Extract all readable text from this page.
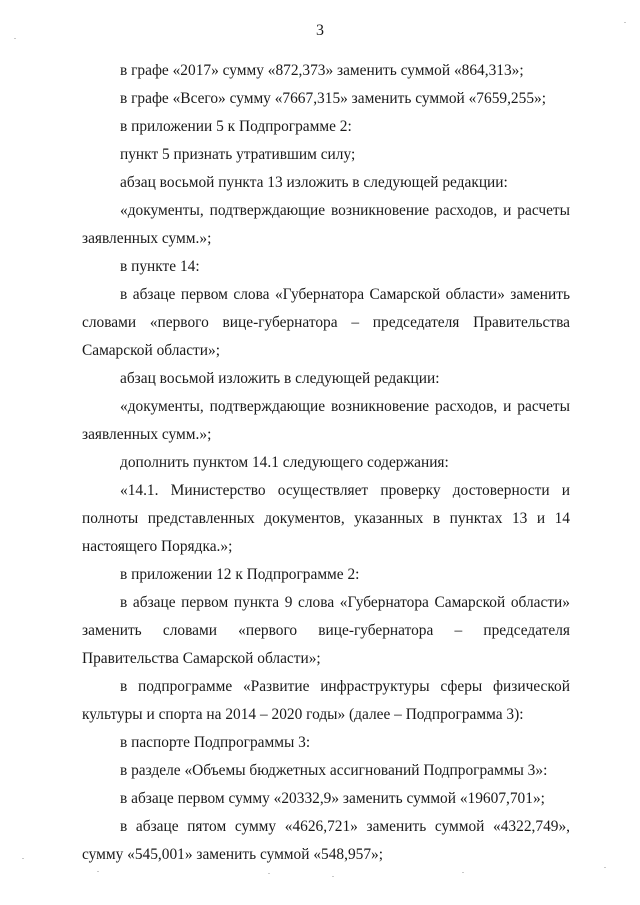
3

в графе «2017» сумму «872,373» заменить суммой «864,313»;

в графе «Всего» сумму «7667,315» заменить суммой «7659,255»;

в приложении 5 к Подпрограмме 2:

пункт 5 признать утратившим силу;

абзац восьмой пункта 13 изложить в следующей редакции:

«документы, подтверждающие возникновение расходов, и расчеты заявленных сумм.»;

в пункте 14:

в абзаце первом слова «Губернатора Самарской области» заменить словами «первого вице-губернатора – председателя Правительства Самарской области»;

абзац восьмой изложить в следующей редакции:

«документы, подтверждающие возникновение расходов, и расчеты заявленных сумм.»;

дополнить пунктом 14.1 следующего содержания:

«14.1. Министерство осуществляет проверку достоверности и полноты представленных документов, указанных в пунктах 13 и 14 настоящего Порядка.»;

в приложении 12 к Подпрограмме 2:

в абзаце первом пункта 9 слова «Губернатора Самарской области» заменить словами «первого вице-губернатора – председателя Правительства Самарской области»;

в подпрограмме «Развитие инфраструктуры сферы физической культуры и спорта на 2014 – 2020 годы» (далее – Подпрограмма 3):

в паспорте Подпрограммы 3:

в разделе «Объемы бюджетных ассигнований Подпрограммы 3»:

в абзаце первом сумму «20332,9» заменить суммой «19607,701»;

в абзаце пятом сумму «4626,721» заменить суммой «4322,749», сумму «545,001» заменить суммой «548,957»;
